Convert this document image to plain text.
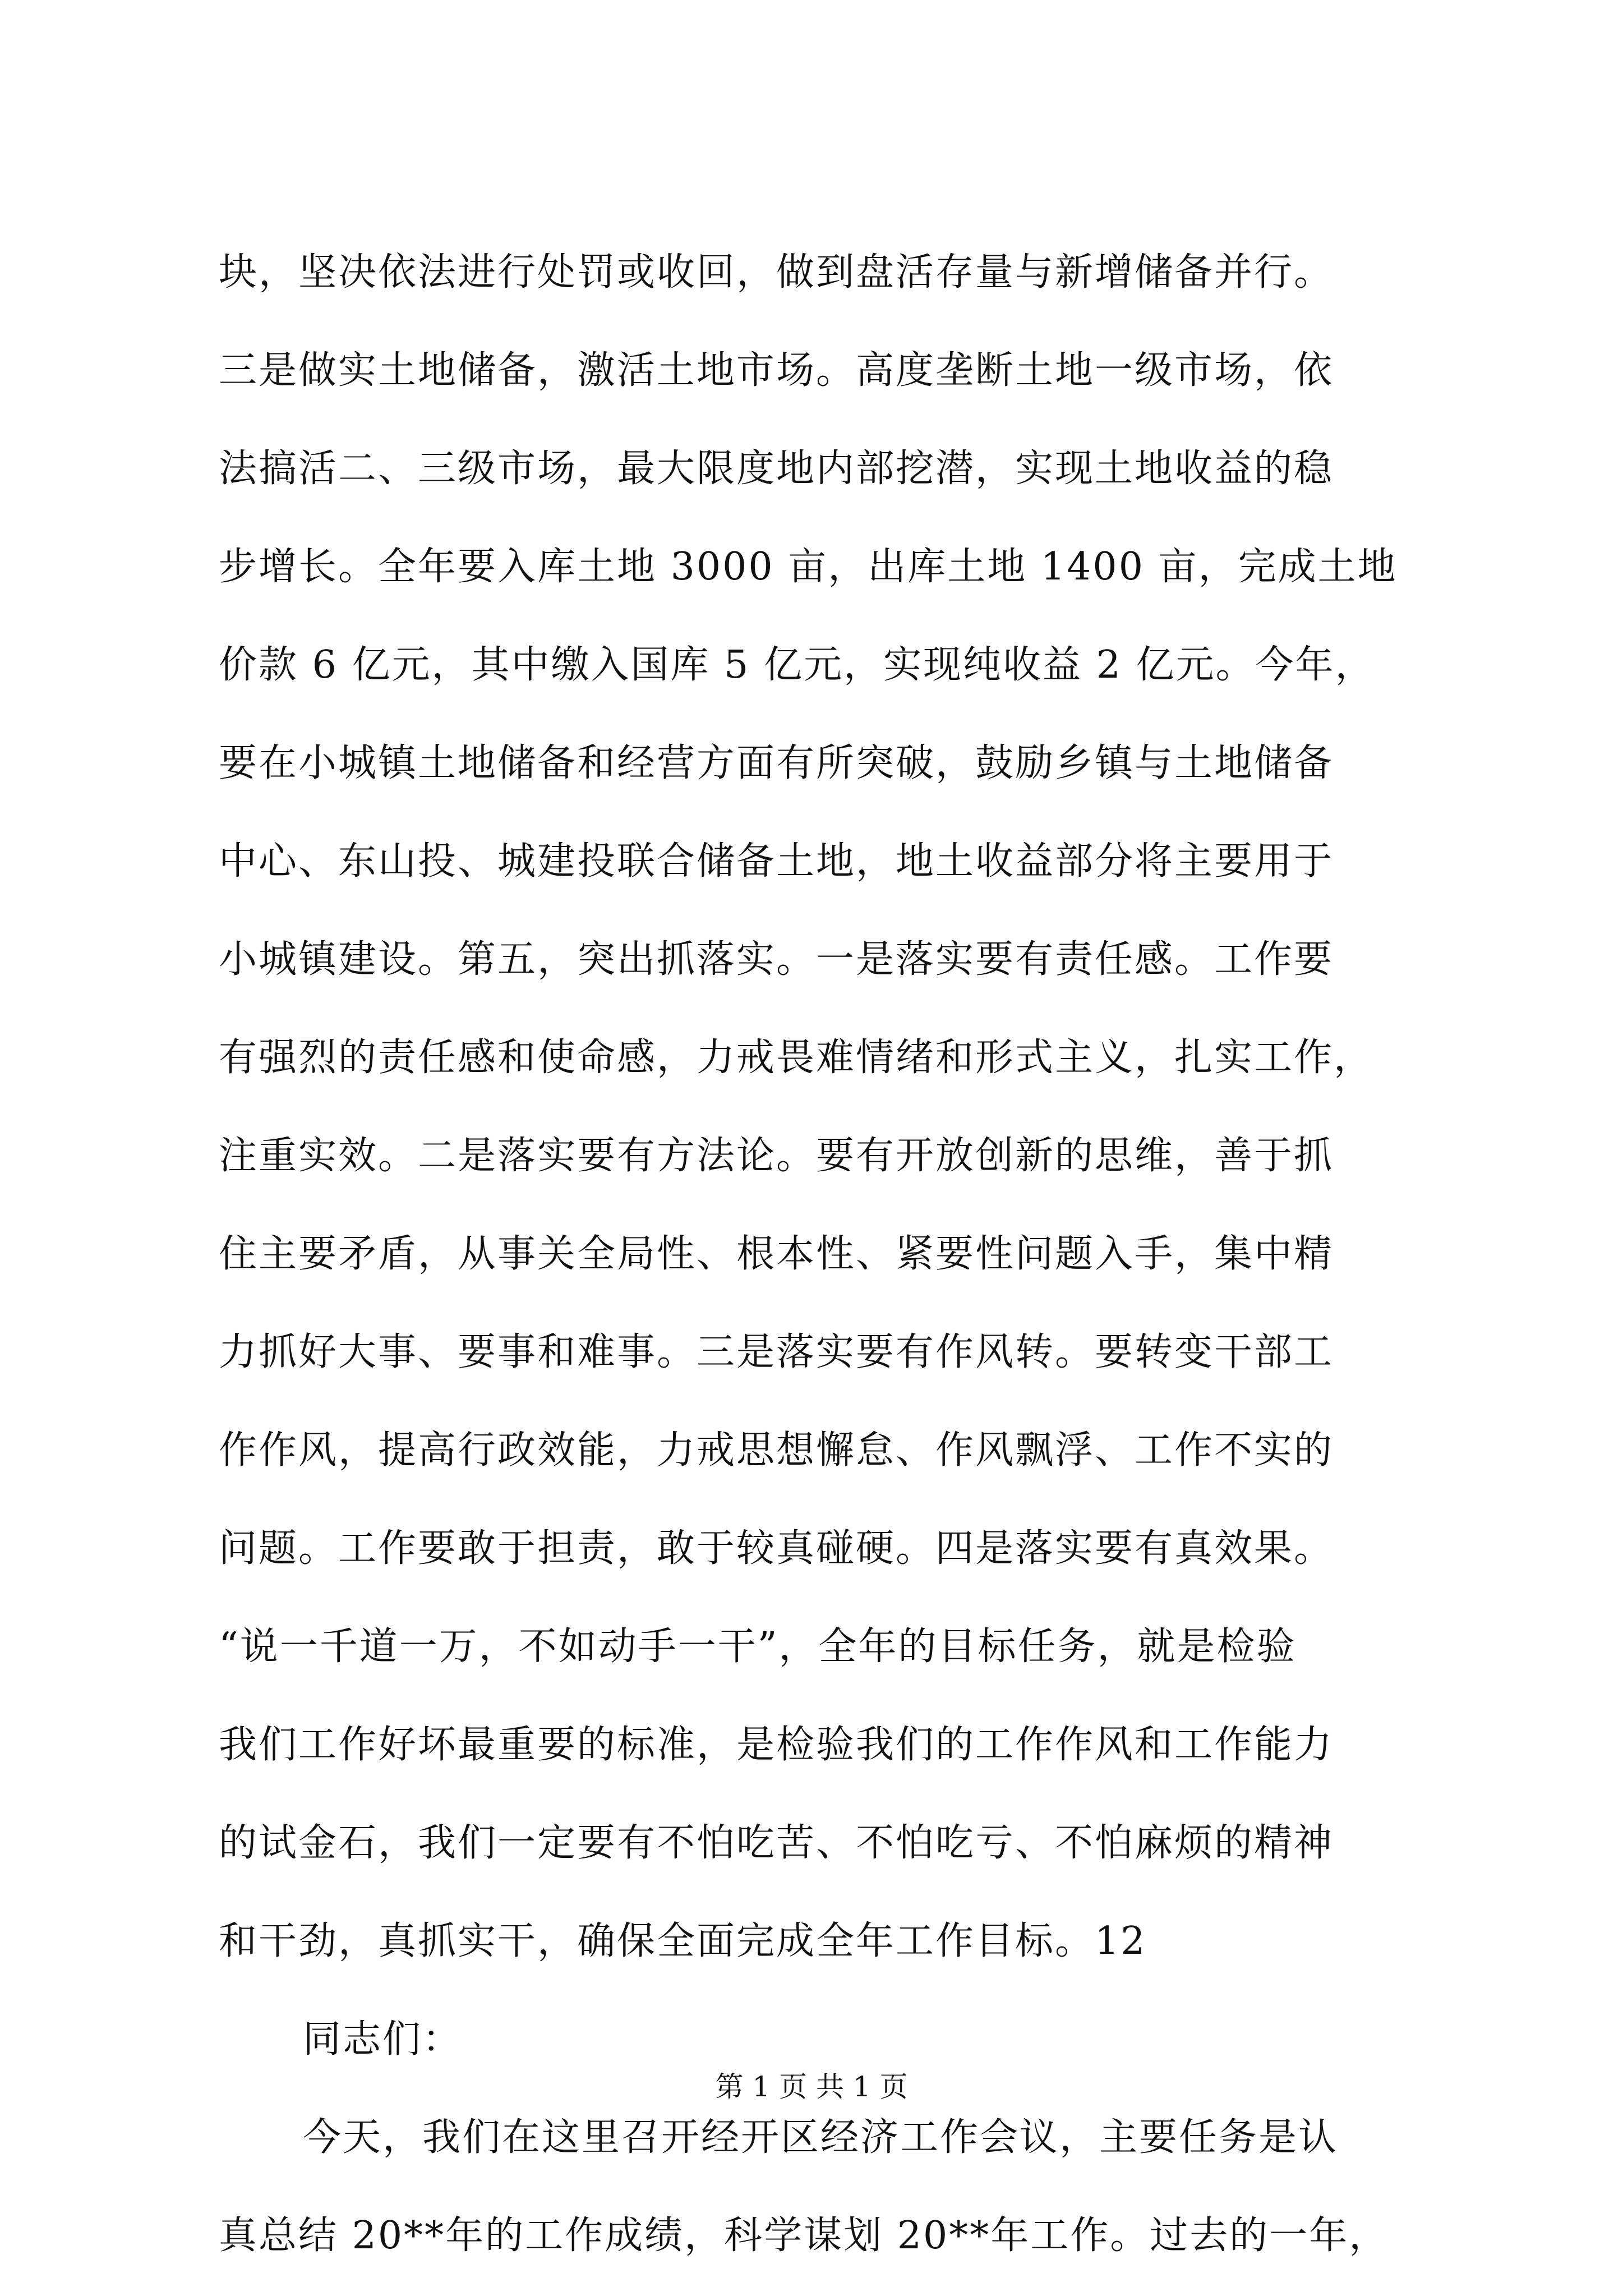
块，坚决依法进行处罚或收回，做到盘活存量与新增储备并行。
三是做实土地储备，激活土地市场。高度垄断土地一级市场，依
法搞活二、三级市场，最大限度地内部挖潜，实现土地收益的稳
步增长。全年要入库土地 3000 亩，出库土地 1400 亩，完成土地
价款 6 亿元，其中缴入国库 5 亿元，实现纯收益 2 亿元。今年，
要在小城镇土地储备和经营方面有所突破，鼓励乡镇与土地储备
中心、东山投、城建投联合储备土地，地土收益部分将主要用于
小城镇建设。第五，突出抓落实。一是落实要有责任感。工作要
有强烈的责任感和使命感，力戒畏难情绪和形式主义，扎实工作，
注重实效。二是落实要有方法论。要有开放创新的思维，善于抓
住主要矛盾，从事关全局性、根本性、紧要性问题入手，集中精
力抓好大事、要事和难事。三是落实要有作风转。要转变干部工
作作风，提高行政效能，力戒思想懈怠、作风飘浮、工作不实的
问题。工作要敢于担责，敢于较真碰硬。四是落实要有真效果。
“说一千道一万，不如动手一干”，全年的目标任务，就是检验
我们工作好坏最重要的标准，是检验我们的工作作风和工作能力
的试金石，我们一定要有不怕吃苦、不怕吃亏、不怕麻烦的精神
和干劲，真抓实干，确保全面完成全年工作目标。12
同志们：
今天，我们在这里召开经开区经济工作会议，主要任务是认
真总结 20**年的工作成绩，科学谋划 20**年工作。过去的一年，
第 1 页 共 1 页
